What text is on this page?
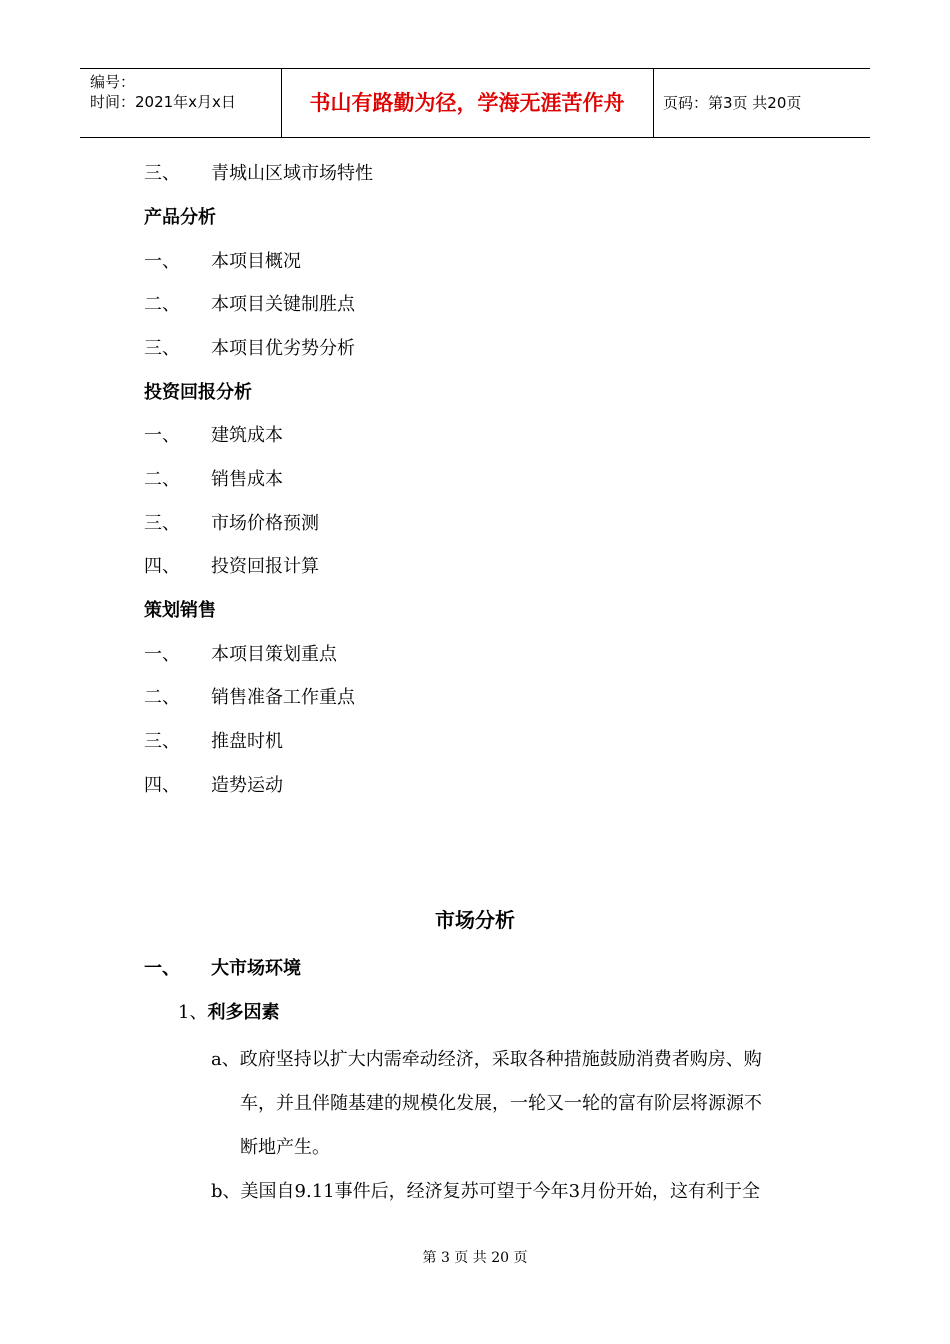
编号：
时间：2021年x月x日	书山有路勤为径，学海无涯苦作舟	页码：第3页 共20页
三、 青城山区域市场特性
产品分析
一、 本项目概况
二、 本项目关键制胜点
三、 本项目优劣势分析
投资回报分析
一、 建筑成本
二、 销售成本
三、 市场价格预测
四、 投资回报计算
策划销售
一、 本项目策划重点
二、 销售准备工作重点
三、 推盘时机
四、 造势运动
市场分析
一、 大市场环境
1、利多因素
a、政府坚持以扩大内需牵动经济，采取各种措施鼓励消费者购房、购
车，并且伴随基建的规模化发展，一轮又一轮的富有阶层将源源不
断地产生。
b、美国自9.11事件后，经济复苏可望于今年3月份开始，这有利于全
第 3 页 共 20 页
